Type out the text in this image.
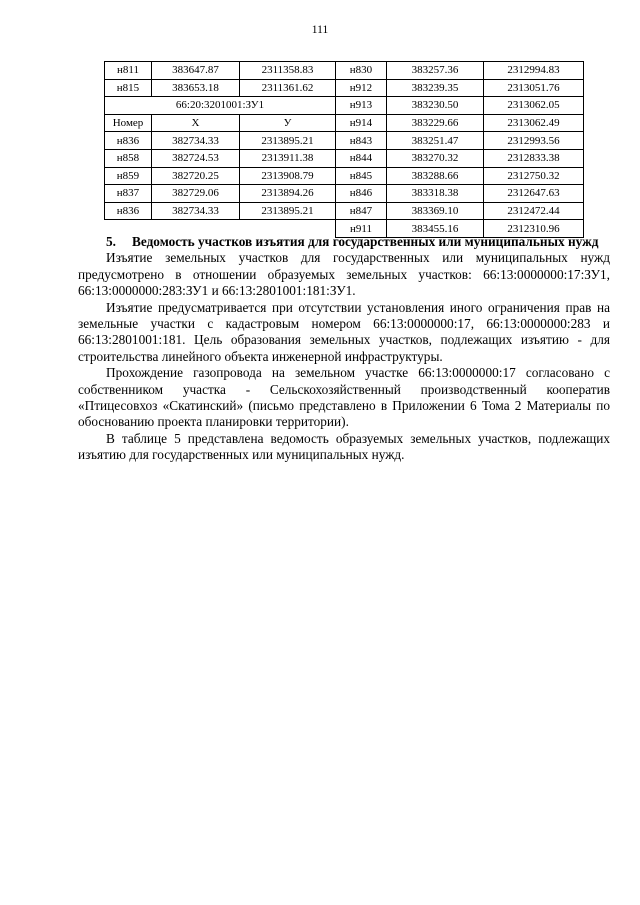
111
н811	383647.87	2311358.83	н830	383257.36	2312994.83
н815	383653.18	2311361.62	н912	383239.35	2313051.76
66:20:3201001:ЗУ1			н913	383230.50	2313062.05
Номер	Х	У	н914	383229.66	2313062.49
н836	382734.33	2313895.21	н843	383251.47	2312993.56
н858	382724.53	2313911.38	н844	383270.32	2312833.38
н859	382720.25	2313908.79	н845	383288.66	2312750.32
н837	382729.06	2313894.26	н846	383318.38	2312647.63
н836	382734.33	2313895.21	н847	383369.10	2312472.44
			н911	383455.16	2312310.96

5. Ведомость участков изъятия для государственных или муниципальных нужд

Изъятие земельных участков для государственных или муниципальных нужд предусмотрено в отношении образуемых земельных участков: 66:13:0000000:17:ЗУ1, 66:13:0000000:283:ЗУ1 и 66:13:2801001:181:ЗУ1.

Изъятие предусматривается при отсутствии установления иного ограничения прав на земельные участки с кадастровым номером 66:13:0000000:17, 66:13:0000000:283 и 66:13:2801001:181. Цель образования земельных участков, подлежащих изъятию - для строительства линейного объекта инженерной инфраструктуры.

Прохождение газопровода на земельном участке 66:13:0000000:17 согласовано с собственником участка - Сельскохозяйственный производственный кооператив «Птицесовхоз «Скатинский» (письмо представлено в Приложении 6 Тома 2 Материалы по обоснованию проекта планировки территории).

В таблице 5 представлена ведомость образуемых земельных участков, подлежащих изъятию для государственных или муниципальных нужд.
